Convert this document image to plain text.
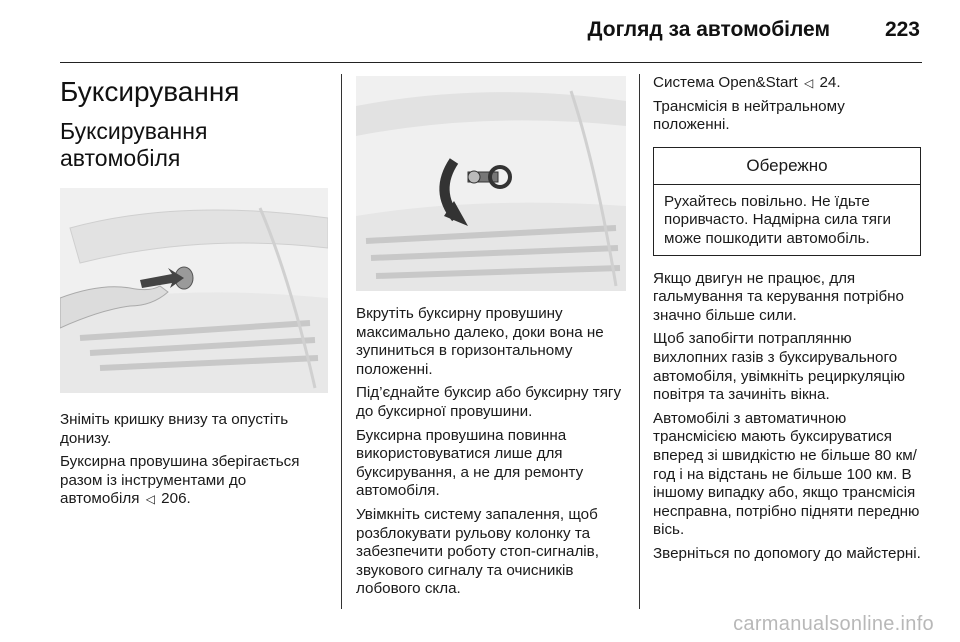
Догляд за автомобілем	223
Буксирування
Буксирування
автомобіля

Зніміть кришку внизу та опустіть донизу.

Буксирна провушина зберігається разом із інструментами до автомобіля ◁ 206.

Вкрутіть буксирну провушину максимально далеко, доки вона не зупиниться в горизонтальному положенні.

Під’єднайте буксир або буксирну тягу до буксирної провушини.

Буксирна провушина повинна використовуватися лише для буксирування, а не для ремонту автомобіля.

Увімкніть систему запалення, щоб розблокувати рульову колонку та забезпечити роботу стоп-сигналів, звукового сигналу та очисників лобового скла.

Система Open&Start ◁ 24.

Трансмісія в нейтральному положенні.

Обережно

Рухайтесь повільно. Не їдьте поривчасто. Надмірна сила тяги може пошкодити автомобіль.

Якщо двигун не працює, для гальмування та керування потрібно значно більше сили.

Щоб запобігти потраплянню вихлопних газів з буксирувального автомобіля, увімкніть рециркуляцію повітря та зачиніть вікна.

Автомобілі з автоматичною трансмісією мають буксируватися вперед зі швидкістю не більше 80 км/год і на відстань не більше 100 км. В іншому випадку або, якщо трансмісія несправна, потрібно підняти передню вісь.

Зверніться по допомогу до майстерні.

carmanualsonline.info
